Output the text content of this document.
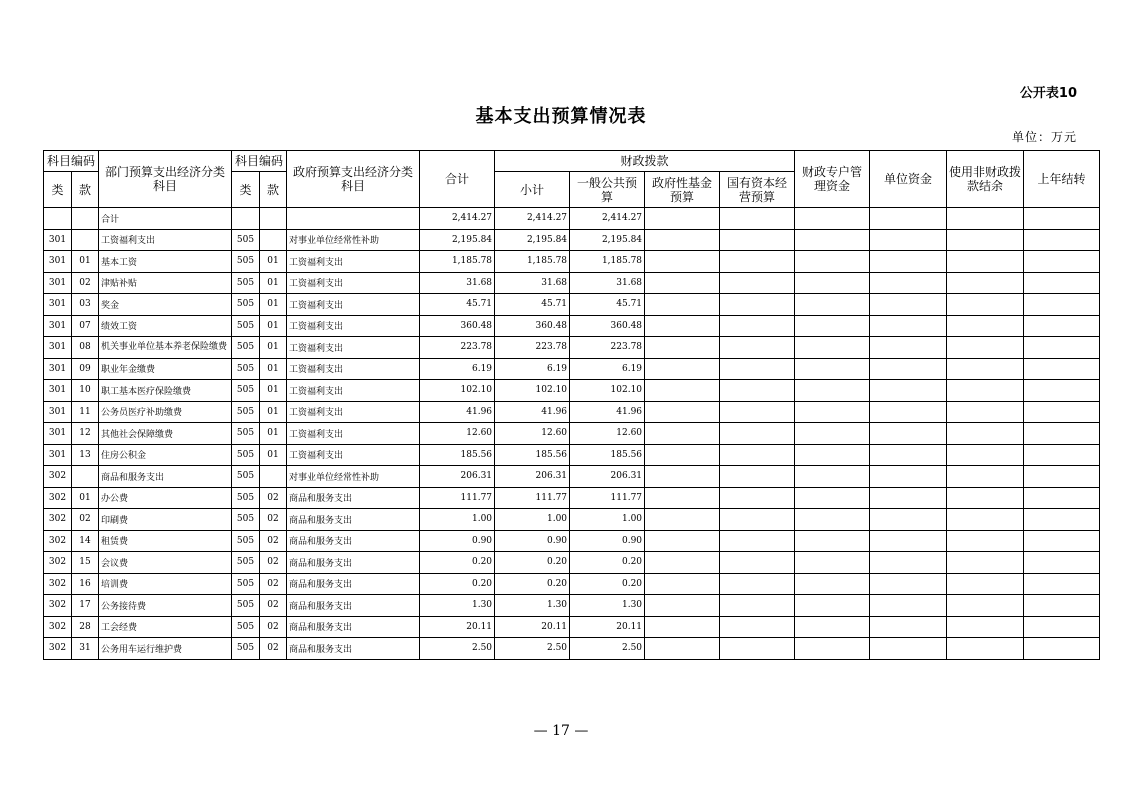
公开表10
基本支出预算情况表
单位：万元
科目编码		部门预算支出经济分类科目	科目编码		政府预算支出经济分类科目	合计	财政拨款				财政专户管理资金	单位资金	使用非财政拨款结余	上年结转
类	款		类	款			小计	一般公共预算	政府性基金预算	国有资本经营预算				
		合计				2,414.27	2,414.27	2,414.27						
301		工资福利支出	505		对事业单位经常性补助	2,195.84	2,195.84	2,195.84						
301	01	基本工资	505	01	工资福利支出	1,185.78	1,185.78	1,185.78						
301	02	津贴补贴	505	01	工资福利支出	31.68	31.68	31.68						
301	03	奖金	505	01	工资福利支出	45.71	45.71	45.71						
301	07	绩效工资	505	01	工资福利支出	360.48	360.48	360.48						
301	08	机关事业单位基本养老保险缴费	505	01	工资福利支出	223.78	223.78	223.78						
301	09	职业年金缴费	505	01	工资福利支出	6.19	6.19	6.19						
301	10	职工基本医疗保险缴费	505	01	工资福利支出	102.10	102.10	102.10						
301	11	公务员医疗补助缴费	505	01	工资福利支出	41.96	41.96	41.96						
301	12	其他社会保障缴费	505	01	工资福利支出	12.60	12.60	12.60						
301	13	住房公积金	505	01	工资福利支出	185.56	185.56	185.56						
302		商品和服务支出	505		对事业单位经常性补助	206.31	206.31	206.31						
302	01	办公费	505	02	商品和服务支出	111.77	111.77	111.77						
302	02	印刷费	505	02	商品和服务支出	1.00	1.00	1.00						
302	14	租赁费	505	02	商品和服务支出	0.90	0.90	0.90						
302	15	会议费	505	02	商品和服务支出	0.20	0.20	0.20						
302	16	培训费	505	02	商品和服务支出	0.20	0.20	0.20						
302	17	公务接待费	505	02	商品和服务支出	1.30	1.30	1.30						
302	28	工会经费	505	02	商品和服务支出	20.11	20.11	20.11						
302	31	公务用车运行维护费	505	02	商品和服务支出	2.50	2.50	2.50						
— 17 —
